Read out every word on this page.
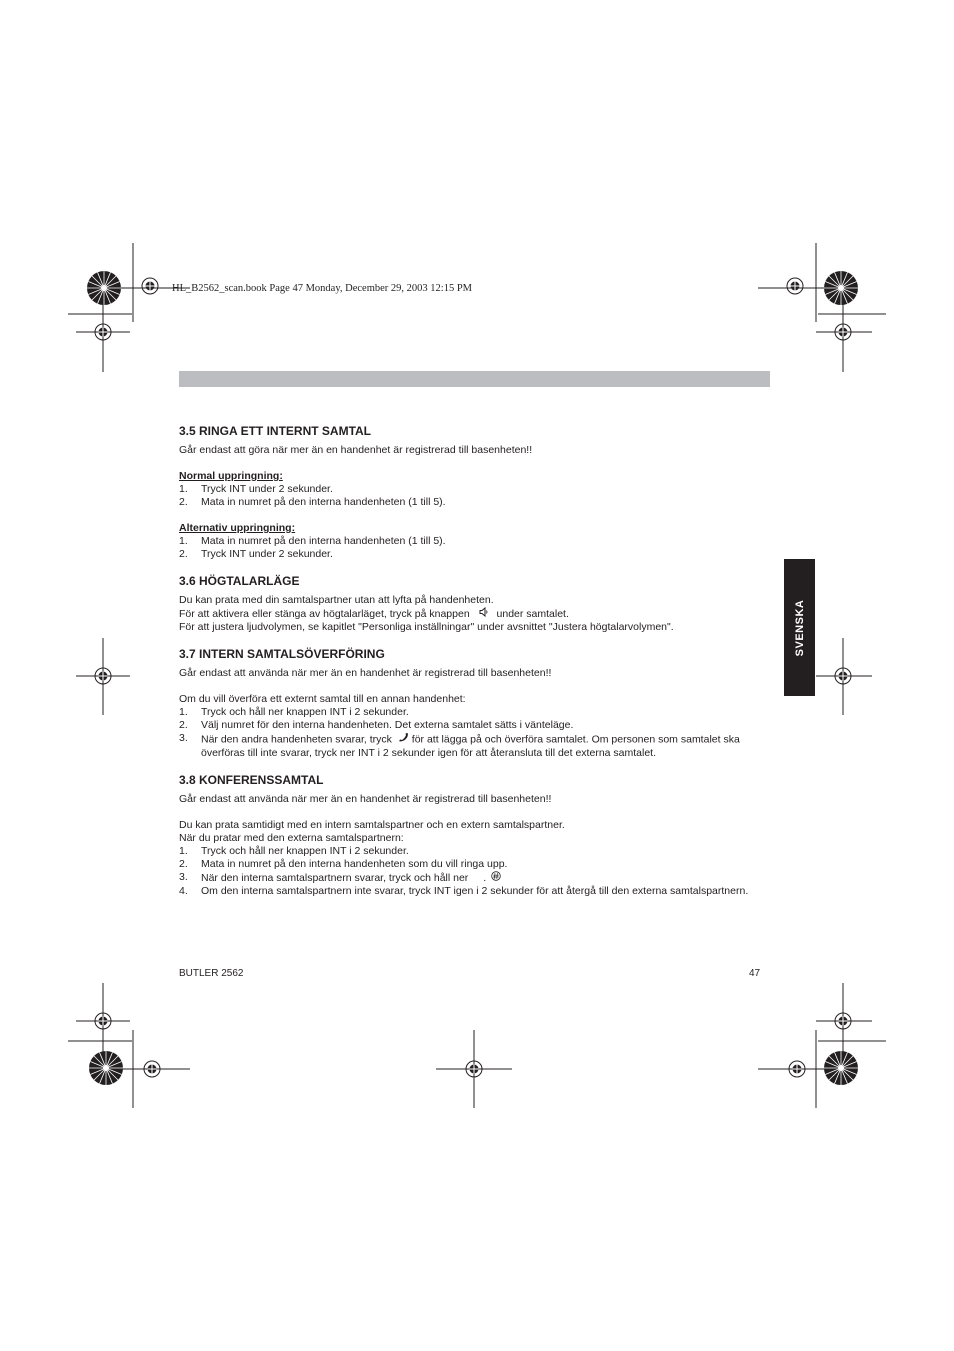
HL_B2562_scan.book Page 47 Monday, December 29, 2003 12:15 PM
SVENSKA
3.5 RINGA ETT INTERNT SAMTAL

Går endast att göra när mer än en handenhet är registrerad till basenheten!!

Normal uppringning:

1. Tryck INT under 2 sekunder.
2. Mata in numret på den interna handenheten (1 till 5).

Alternativ uppringning:

1. Mata in numret på den interna handenheten (1 till 5).
2. Tryck INT under 2 sekunder.
3.6 HÖGTALARLÄGE

Du kan prata med din samtalspartner utan att lyfta på handenheten.

För att aktivera eller stänga av högtalarläget, tryck på knappen	under samtalet.

För att justera ljudvolymen, se kapitlet "Personliga inställningar" under avsnittet "Justera högtalarvolymen".

3.7 INTERN SAMTALSÖVERFÖRING

Går endast att använda när mer än en handenhet är registrerad till basenheten!!

Om du vill överföra ett externt samtal till en annan handenhet:

1. Tryck och håll ner knappen INT i 2 sekunder.
2. Välj numret för den interna handenheten. Det externa samtalet sätts i vänteläge.
3. När den andra handenheten svarar, tryck för att lägga på och överföra samtalet. Om personen som samtalet ska överföras till inte svarar, tryck ner INT i 2 sekunder igen för att återansluta till det externa samtalet.
3.8 KONFERENSSAMTAL

Går endast att använda när mer än en handenhet är registrerad till basenheten!!

Du kan prata samtidigt med en intern samtalspartner och en extern samtalspartner.

När du pratar med den externa samtalspartnern:

1. Tryck och håll ner knappen INT i 2 sekunder.
2. Mata in numret på den interna handenheten som du vill ringa upp.
3. När den interna samtalspartnern svarar, tryck och håll ner .
4. Om den interna samtalspartnern inte svarar, tryck INT igen i 2 sekunder för att återgå till den externa samtalspartnern.
BUTLER 2562	47
